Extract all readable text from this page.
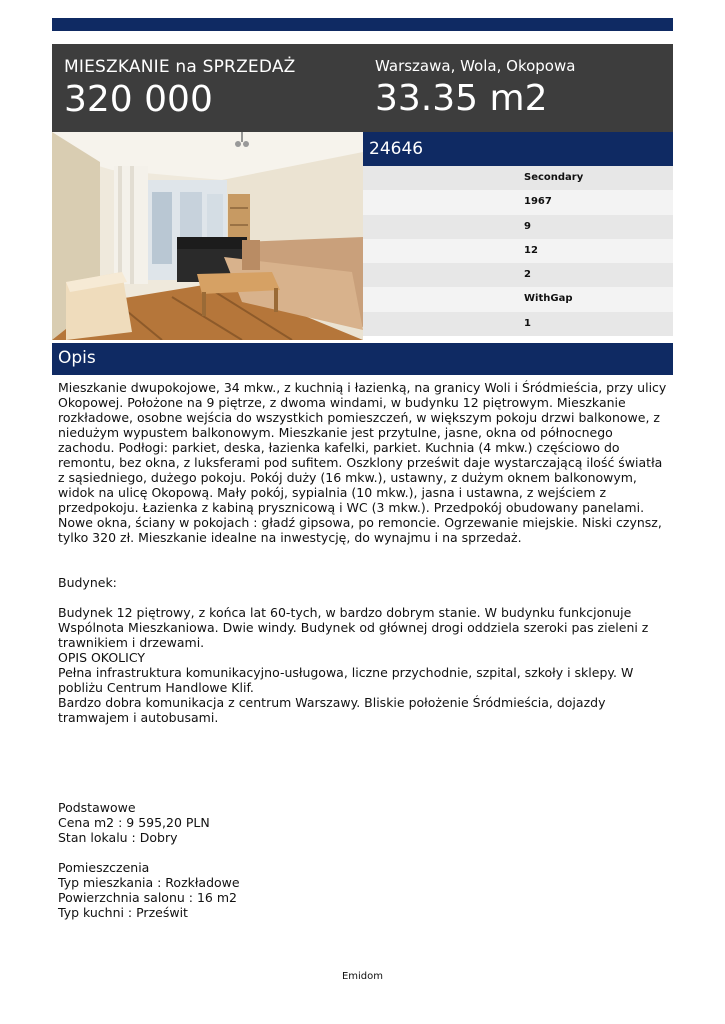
MIESZKANIE na SPRZEDAŻ
320 000
Warszawa, Wola, Okopowa
33.35 m2
24646
Secondary
1967
9
12
2
WithGap
1
Opis
Mieszkanie dwupokojowe, 34 mkw., z kuchnią i łazienką, na granicy Woli i Śródmieścia, przy ulicy Okopowej. Położone na 9 piętrze, z dwoma windami, w budynku 12 piętrowym. Mieszkanie rozkładowe, osobne wejścia do wszystkich pomieszczeń, w większym pokoju drzwi balkonowe, z niedużym wypustem balkonowym. Mieszkanie jest przytulne, jasne, okna od północnego zachodu. Podłogi: parkiet, deska, łazienka kafelki, parkiet. Kuchnia (4 mkw.) częściowo do remontu, bez okna, z luksferami pod sufitem. Oszklony prześwit daje wystarczającą ilość światła z sąsiedniego, dużego pokoju. Pokój duży (16 mkw.), ustawny, z dużym oknem balkonowym, widok na ulicę Okopową. Mały pokój, sypialnia (10 mkw.), jasna i ustawna, z wejściem z przedpokoju. Łazienka z kabiną prysznicową i WC (3 mkw.). Przedpokój obudowany panelami. Nowe okna, ściany w pokojach : gładź gipsowa, po remoncie. Ogrzewanie miejskie. Niski czynsz, tylko 320 zł. Mieszkanie idealne na inwestycję, do wynajmu i na sprzedaż.
Budynek:
Budynek 12 piętrowy, z końca lat 60-tych, w bardzo dobrym stanie. W budynku funkcjonuje Wspólnota Mieszkaniowa. Dwie windy. Budynek od głównej drogi oddziela szeroki pas zieleni z trawnikiem i drzewami.
OPIS OKOLICY
Pełna infrastruktura komunikacyjno-usługowa, liczne przychodnie, szpital, szkoły i sklepy. W pobliżu Centrum Handlowe Klif.
Bardzo dobra komunikacja z centrum Warszawy. Bliskie położenie Śródmieścia, dojazdy tramwajem i autobusami.
Podstawowe
Cena m2 : 9 595,20 PLN
Stan lokalu : Dobry
Pomieszczenia
Typ mieszkania : Rozkładowe
Powierzchnia salonu : 16 m2
Typ kuchni : Prześwit
Emidom
